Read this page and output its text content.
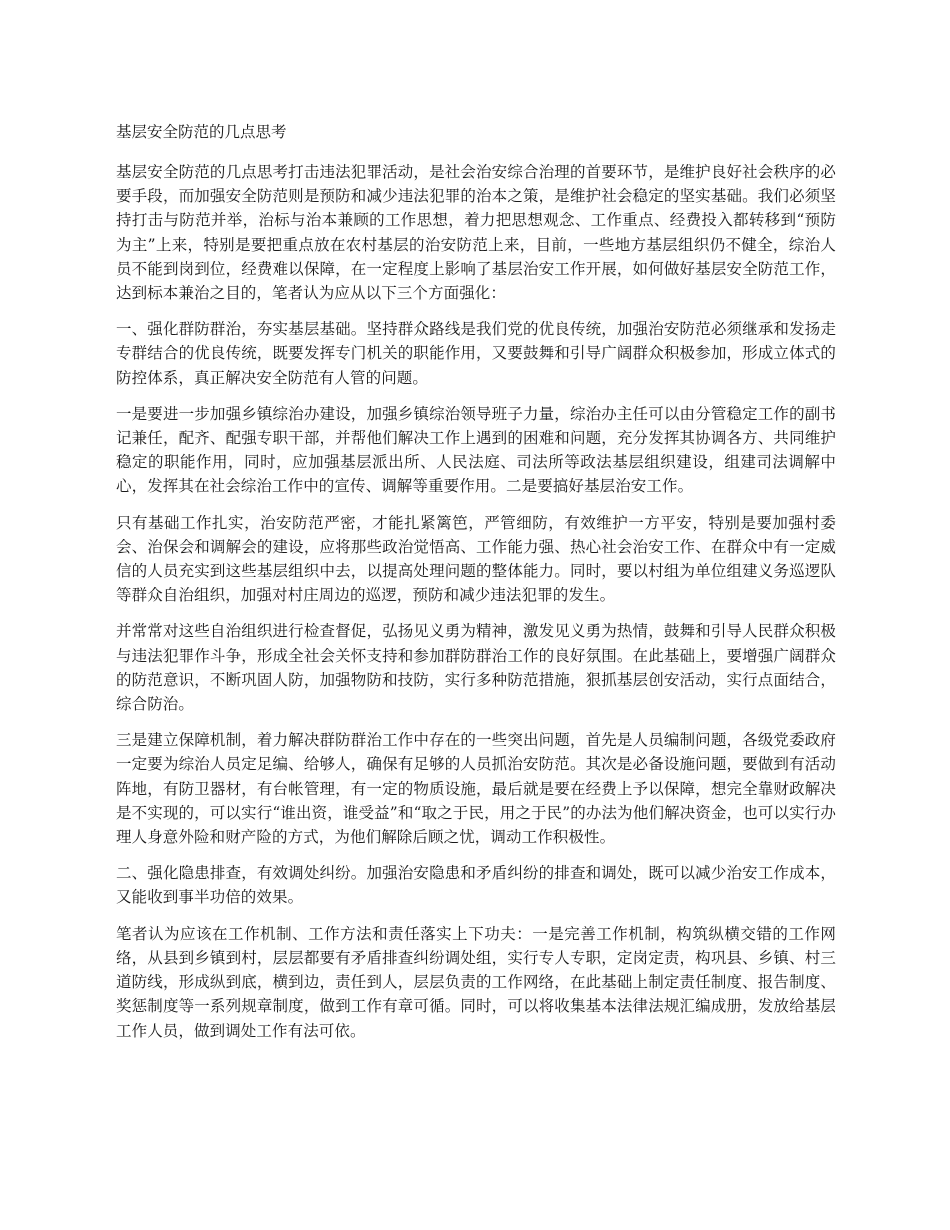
基层安全防范的几点思考

基层安全防范的几点思考打击违法犯罪活动，是社会治安综合治理的首要环节，是维护良好社会秩序的必要手段，而加强安全防范则是预防和减少违法犯罪的治本之策，是维护社会稳定的坚实基础。我们必须坚持打击与防范并举，治标与治本兼顾的工作思想，着力把思想观念、工作重点、经费投入都转移到“预防为主”上来，特别是要把重点放在农村基层的治安防范上来，目前，一些地方基层组织仍不健全，综治人员不能到岗到位，经费难以保障，在一定程度上影响了基层治安工作开展，如何做好基层安全防范工作，达到标本兼治之目的，笔者认为应从以下三个方面强化：

一、强化群防群治，夯实基层基础。坚持群众路线是我们党的优良传统，加强治安防范必须继承和发扬走专群结合的优良传统，既要发挥专门机关的职能作用，又要鼓舞和引导广阔群众积极参加，形成立体式的防控体系，真正解决安全防范有人管的问题。

一是要进一步加强乡镇综治办建设，加强乡镇综治领导班子力量，综治办主任可以由分管稳定工作的副书记兼任，配齐、配强专职干部，并帮他们解决工作上遇到的困难和问题，充分发挥其协调各方、共同维护稳定的职能作用，同时，应加强基层派出所、人民法庭、司法所等政法基层组织建设，组建司法调解中心，发挥其在社会综治工作中的宣传、调解等重要作用。二是要搞好基层治安工作。

只有基础工作扎实，治安防范严密，才能扎紧篱笆，严管细防，有效维护一方平安，特别是要加强村委会、治保会和调解会的建设，应将那些政治觉悟高、工作能力强、热心社会治安工作、在群众中有一定威信的人员充实到这些基层组织中去，以提高处理问题的整体能力。同时，要以村组为单位组建义务巡逻队等群众自治组织，加强对村庄周边的巡逻，预防和减少违法犯罪的发生。

并常常对这些自治组织进行检查督促，弘扬见义勇为精神，激发见义勇为热情，鼓舞和引导人民群众积极与违法犯罪作斗争，形成全社会关怀支持和参加群防群治工作的良好氛围。在此基础上，要增强广阔群众的防范意识，不断巩固人防，加强物防和技防，实行多种防范措施，狠抓基层创安活动，实行点面结合，综合防治。

三是建立保障机制，着力解决群防群治工作中存在的一些突出问题，首先是人员编制问题，各级党委政府一定要为综治人员定足编、给够人，确保有足够的人员抓治安防范。其次是必备设施问题，要做到有活动阵地，有防卫器材，有台帐管理，有一定的物质设施，最后就是要在经费上予以保障，想完全靠财政解决是不实现的，可以实行“谁出资，谁受益”和“取之于民，用之于民”的办法为他们解决资金，也可以实行办理人身意外险和财产险的方式，为他们解除后顾之忧，调动工作积极性。

二、强化隐患排查，有效调处纠纷。加强治安隐患和矛盾纠纷的排查和调处，既可以减少治安工作成本，又能收到事半功倍的效果。

笔者认为应该在工作机制、工作方法和责任落实上下功夫：一是完善工作机制，构筑纵横交错的工作网络，从县到乡镇到村，层层都要有矛盾排查纠纷调处组，实行专人专职，定岗定责，构巩县、乡镇、村三道防线，形成纵到底，横到边，责任到人，层层负责的工作网络，在此基础上制定责任制度、报告制度、奖惩制度等一系列规章制度，做到工作有章可循。同时，可以将收集基本法律法规汇编成册，发放给基层工作人员，做到调处工作有法可依。
